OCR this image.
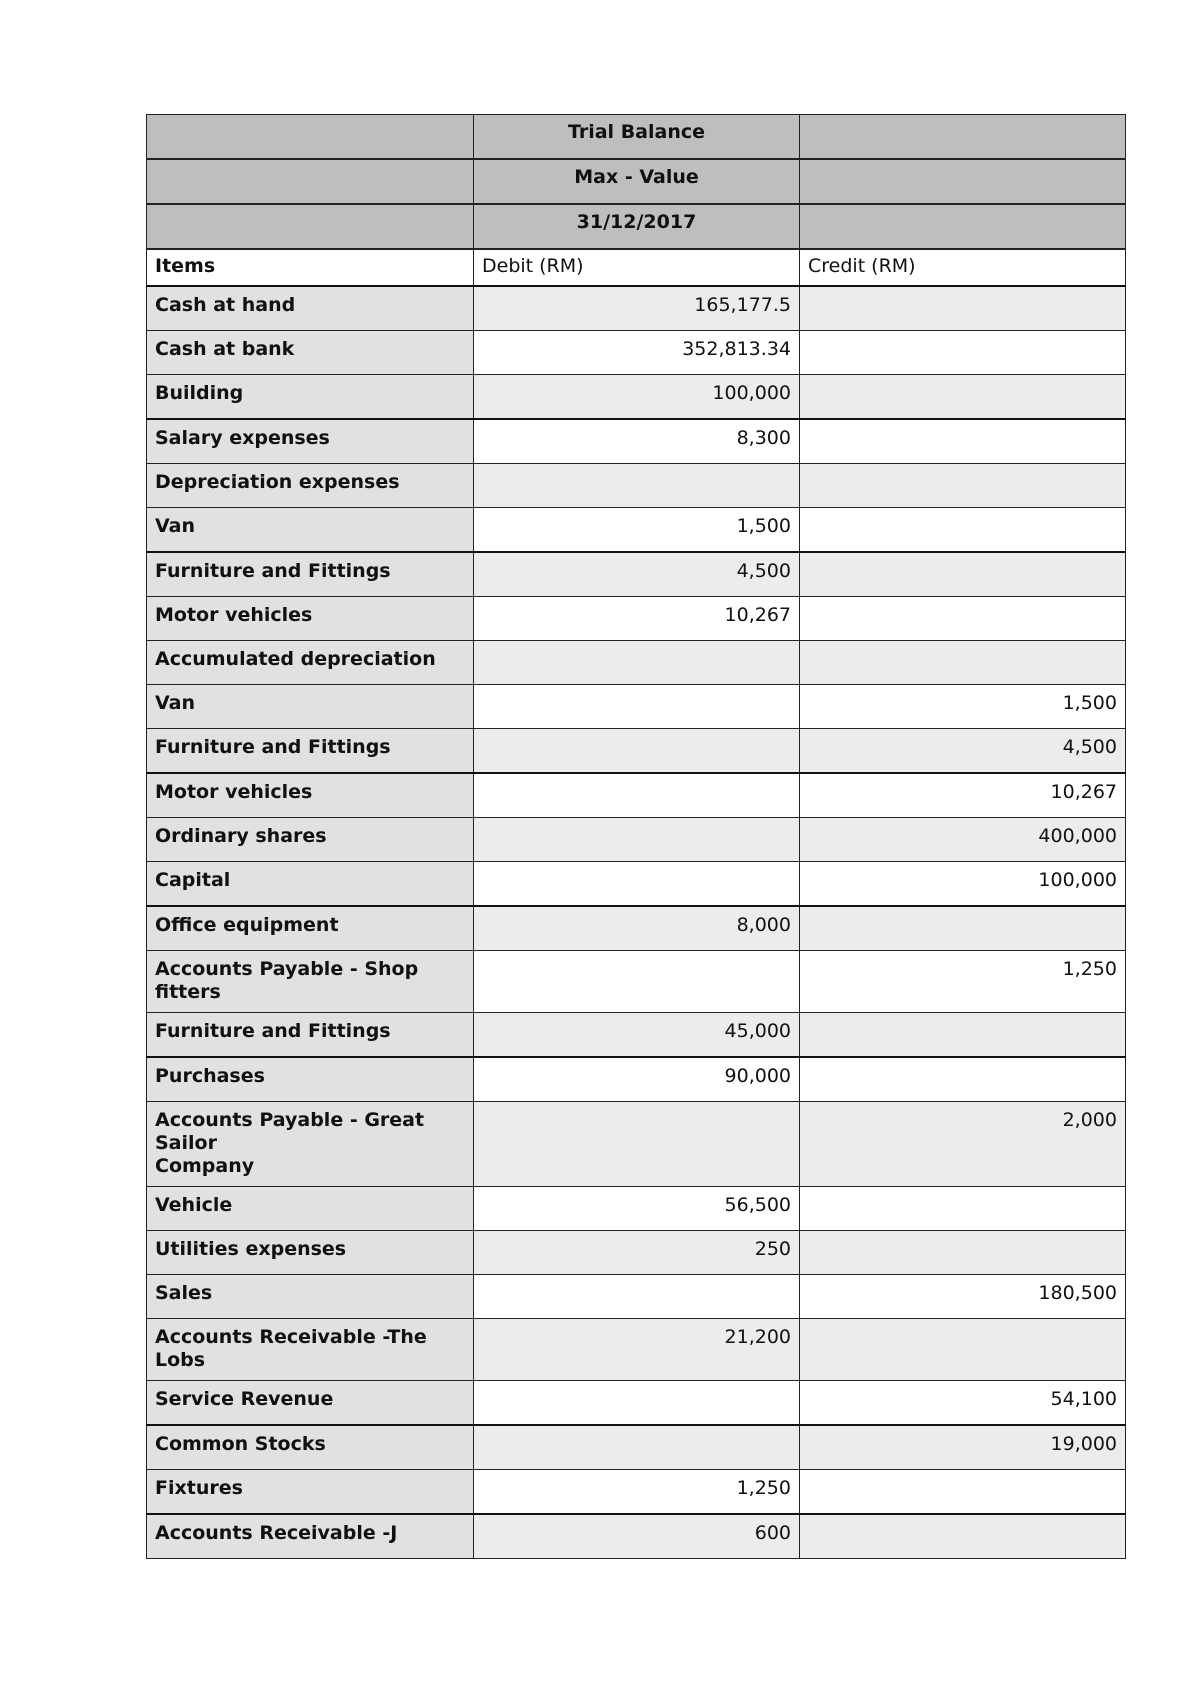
	Trial Balance	
	Max - Value	
	31/12/2017	
Items	Debit (RM)	Credit (RM)
Cash at hand	165,177.5	
Cash at bank	352,813.34	
Building	100,000	
Salary expenses	8,300	
Depreciation expenses		
Van	1,500	
Furniture and Fittings	4,500	
Motor vehicles	10,267	
Accumulated depreciation		
Van		1,500
Furniture and Fittings		4,500
Motor vehicles		10,267
Ordinary shares		400,000
Capital		100,000
Office equipment	8,000	
Accounts Payable - Shop fitters		1,250
Furniture and Fittings	45,000	
Purchases	90,000	
Accounts Payable - Great Sailor
Company		2,000
Vehicle	56,500	
Utilities expenses	250	
Sales		180,500
Accounts Receivable -The Lobs	21,200	
Service Revenue		54,100
Common Stocks		19,000
Fixtures	1,250	
Accounts Receivable -J	600	
